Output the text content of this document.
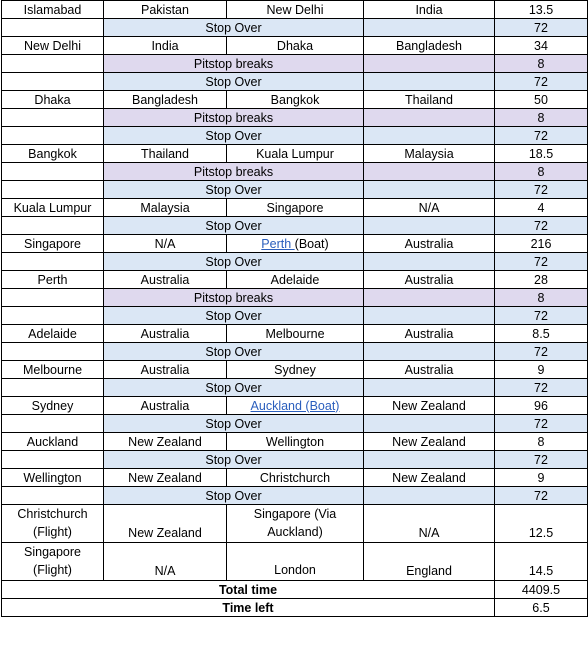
Islamabad	Pakistan	New Delhi	India	13.5
	Stop Over			72
New Delhi	India	Dhaka	Bangladesh	34
	Pitstop breaks			8
	Stop Over			72
Dhaka	Bangladesh	Bangkok	Thailand	50
	Pitstop breaks			8
	Stop Over			72
Bangkok	Thailand	Kuala Lumpur	Malaysia	18.5
	Pitstop breaks			8
	Stop Over			72
Kuala Lumpur	Malaysia	Singapore	N/A	4
	Stop Over			72
Singapore	N/A	Perth (Boat)	Australia	216
	Stop Over			72
Perth	Australia	Adelaide	Australia	28
	Pitstop breaks			8
	Stop Over			72
Adelaide	Australia	Melbourne	Australia	8.5
	Stop Over			72
Melbourne	Australia	Sydney	Australia	9
	Stop Over			72
Sydney	Australia	Auckland (Boat)	New Zealand	96
	Stop Over			72
Auckland	New Zealand	Wellington	New Zealand	8
	Stop Over			72
Wellington	New Zealand	Christchurch	New Zealand	9
	Stop Over			72
Christchurch (Flight)	New Zealand	Singapore (Via Auckland)	N/A	12.5
Singapore (Flight)	N/A	London	England	14.5
Total time				4409.5
Time left				6.5
